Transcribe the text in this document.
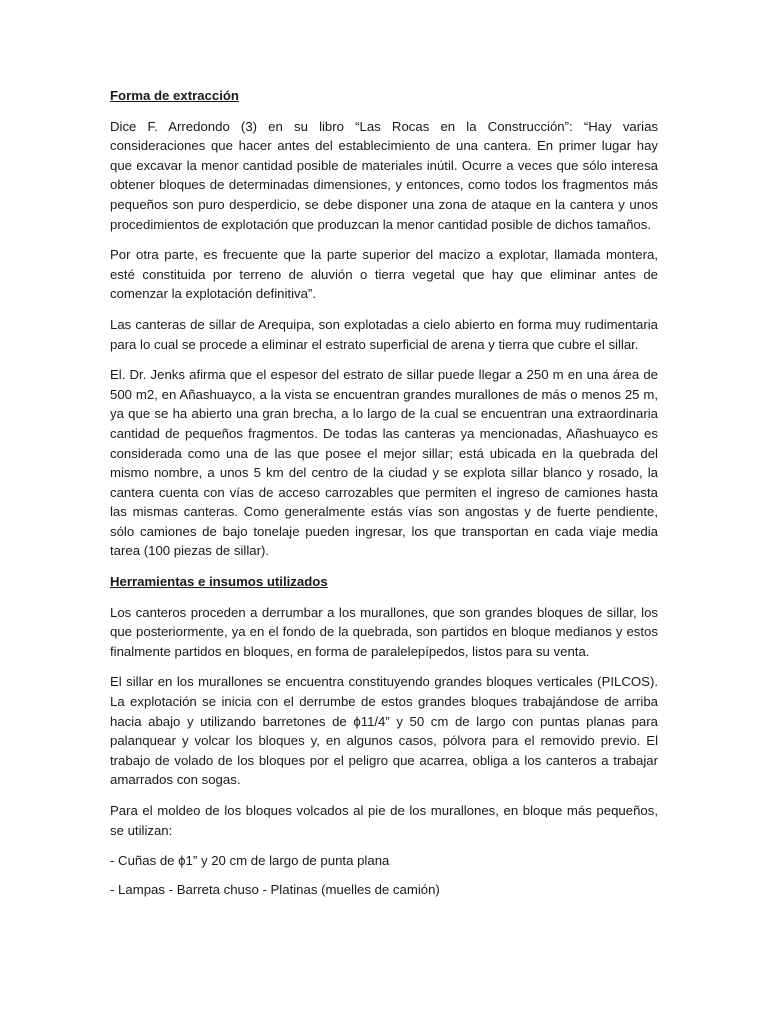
Forma de extracción

Dice F. Arredondo (3) en su libro “Las Rocas en la Construcción”: “Hay varias consideraciones que hacer antes del establecimiento de una cantera. En primer lugar hay que excavar la menor cantidad posible de materiales inútil. Ocurre a veces que sólo interesa obtener bloques de determinadas dimensiones, y entonces, como todos los fragmentos más pequeños son puro desperdicio, se debe disponer una zona de ataque en la cantera y unos procedimientos de explotación que produzcan la menor cantidad posible de dichos tamaños.

Por otra parte, es frecuente que la parte superior del macizo a explotar, llamada montera, esté constituida por terreno de aluvión o tierra vegetal que hay que eliminar antes de comenzar la explotación definitiva”.

Las canteras de sillar de Arequipa, son explotadas a cielo abierto en forma muy rudimentaria para lo cual se procede a eliminar el estrato superficial de arena y tierra que cubre el sillar.

El. Dr. Jenks afirma que el espesor del estrato de sillar puede llegar a 250 m en una área de 500 m2, en Añashuayco, a la vista se encuentran grandes murallones de más o menos 25 m, ya que se ha abierto una gran brecha, a lo largo de la cual se encuentran una extraordinaria cantidad de pequeños fragmentos. De todas las canteras ya mencionadas, Añashuayco es considerada como una de las que posee el mejor sillar; está ubicada en la quebrada del mismo nombre, a unos 5 km del centro de la ciudad y se explota sillar blanco y rosado, la cantera cuenta con vías de acceso carrozables que permiten el ingreso de camiones hasta las mismas canteras. Como generalmente estás vías son angostas y de fuerte pendiente, sólo camiones de bajo tonelaje pueden ingresar, los que transportan en cada viaje media tarea (100 piezas de sillar).

Herramientas e insumos utilizados

Los canteros proceden a derrumbar a los murallones, que son grandes bloques de sillar, los que posteriormente, ya en el fondo de la quebrada, son partidos en bloque medianos y estos finalmente partidos en bloques, en forma de paralelepípedos, listos para su venta.

El sillar en los murallones se encuentra constituyendo grandes bloques verticales (PILCOS). La explotación se inicia con el derrumbe de estos grandes bloques trabajándose de arriba hacia abajo y utilizando barretones de ϕ11/4” y 50 cm de largo con puntas planas para palanquear y volcar los bloques y, en algunos casos, pólvora para el removido previo. El trabajo de volado de los bloques por el peligro que acarrea, obliga a los canteros a trabajar amarrados con sogas.

Para el moldeo de los bloques volcados al pie de los murallones, en bloque más pequeños, se utilizan:

- Cuñas de ϕ1” y 20 cm de largo de punta plana

- Lampas - Barreta chuso - Platinas (muelles de camión)
